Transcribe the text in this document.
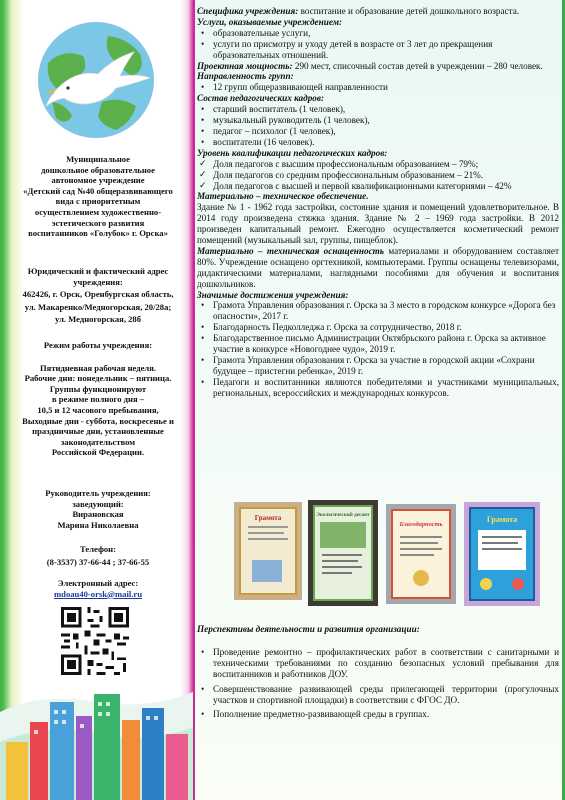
Муниципальное
дошкольное образовательное
автономное учреждение
«Детский сад №40 общеразвивающего
вида с приоритетным
осуществлением художественно-
эстетического развития
воспитанников «Голубок» г. Орска»
Юридический и фактический адрес учреждения:
462426, г. Орск, Оренбургская область,
ул. Макаренко/Медногорская, 20/28а;
ул. Медногорская, 28б
Режим работы учреждения:
Пятидневная рабочая неделя.
Рабочие дни: понедельник – пятница.
Группы функционируют
в режиме полного дня –
10,5 и 12 часового пребывания,
Выходные дни - суббота, воскресенье и
праздничные дни, установленные
законодательством
Российской Федерации.
Руководитель учреждения:
заведующий:
Вирановская
Марина Николаевна
Телефон:
(8-3537) 37-66-44 ; 37-66-55
Электронный адрес:
mdoau40-orsk@mail.ru

Специфика учреждения: воспитание и образование детей дошкольного возраста.

Услуги, оказываемые учреждением:

• образовательные услуги,
• услуги по присмотру и уходу детей в возрасте от 3 лет до прекращения образовательных отношений.

Проектная мощность: 290 мест, списочный состав детей в учреждении – 280 человек.

Направленность групп:

• 12 групп общеразвивающей направленности

Состав педагогических кадров:

• старший воспитатель (1 человек),
• музыкальный руководитель (1 человек),
• педагог – психолог (1 человек),
• воспитатели (16 человек).

Уровень квалификации педагогических кадров:

✓ Доля педагогов с высшим профессиональным образованием – 79%;
✓ Доля педагогов со средним профессиональным образованием – 21%.
✓ Доля педагогов с высшей и первой квалификационными категориями – 42%

Материально – техническое обеспечение.

Здание № 1 - 1962 года застройки, состояние здания и помещений удовлетворительное. В 2014 году произведена стяжка здания. Здание № 2 – 1969 года застройки. В 2012 произведен капитальный ремонт. Ежегодно осуществляется косметический ремонт помещений (музыкальный зал, группы, пищеблок).

Материально – техническая оснащенность материалами и оборудованием составляет 80%. Учреждение оснащено оргтехникой, компьютерами. Группы оснащены телевизорами, дидактическими материалами, наглядными пособиями для обучения и воспитания дошкольников.

Значимые достижения учреждения:

• Грамота Управления образования г. Орска за 3 место в городском конкурсе «Дорога без опасности», 2017 г.
• Благодарность Педколледжа г. Орска за сотрудничество, 2018 г.
• Благодарственное письмо Администрации Октябрьского района г. Орска за активное участие в конкурсе «Новогоднее чудо», 2019 г.
• Грамота Управления образования г. Орска за участие в городской акции «Сохрани будущее – пристегни ребенка», 2019 г.
• Педагоги и воспитанники являются победителями и участниками муниципальных, региональных, всероссийских и международных конкурсов.
Грамота	Экологический десант
Благодарность
Грамота

Перспективы деятельности и развития организации:

• Проведение ремонтно – профилактических работ в соответствии с санитарными и техническими требованиями по созданию безопасных условий пребывания для воспитанников и работников ДОУ.
• Совершенствование развивающей среды прилегающей территории (прогулочных участков и спортивной площадки) в соответствии с ФГОС ДО.
• Пополнение предметно-развивающей среды в группах.
